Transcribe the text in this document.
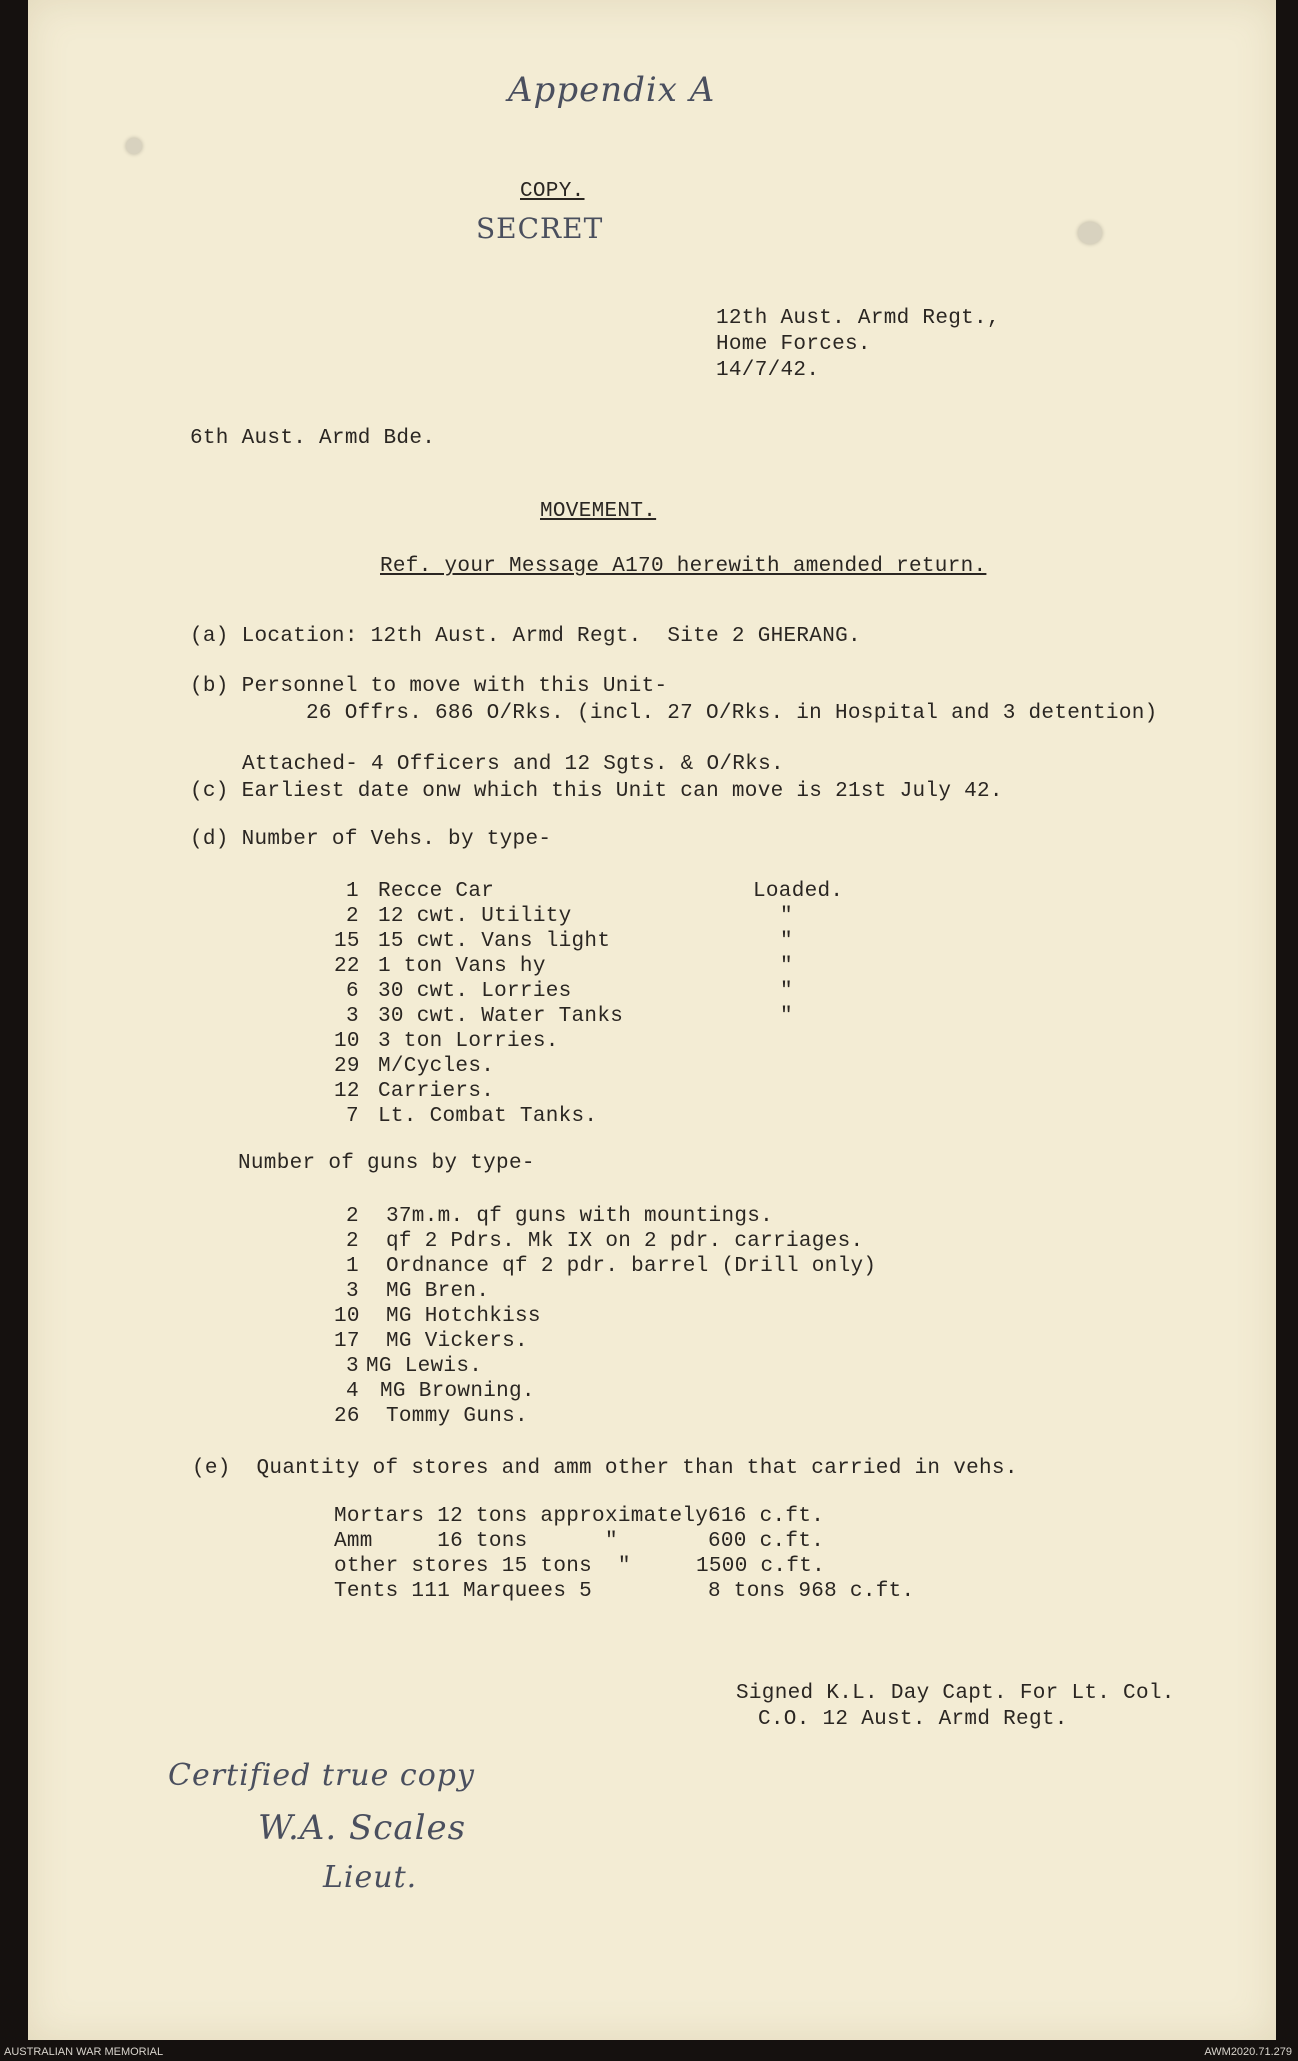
Appendix A
COPY.
SECRET
12th Aust. Armd Regt.,
Home Forces.
14/7/42.
6th Aust. Armd Bde.
MOVEMENT.
Ref. your Message A170 herewith amended return.
(a) Location: 12th Aust. Armd Regt.  Site 2 GHERANG.
(b) Personnel to move with this Unit-
26 Offrs. 686 O/Rks. (incl. 27 O/Rks. in Hospital and 3 detention)
Attached- 4 Officers and 12 Sgts. & O/Rks.
(c) Earliest date onw which this Unit can move is 21st July 42.
(d) Number of Vehs. by type-
1 Recce Car	Loaded.
2 12 cwt. Utility	"
15 15 cwt. Vans light	"
22 1 ton Vans hy	"
6 30 cwt. Lorries	"
3 30 cwt. Water Tanks	"
10 3 ton Lorries.
29 M/Cycles.
12 Carriers.
7 Lt. Combat Tanks.
Number of guns by type-
2 37m.m. qf guns with mountings.
2 qf 2 Pdrs. Mk IX on 2 pdr. carriages.
1 Ordnance qf 2 pdr. barrel (Drill only)
3 MG Bren.
10 MG Hotchkiss
17 MG Vickers.
3 MG Lewis.
4 MG Browning.
26 Tommy Guns.
(e)  Quantity of stores and amm other than that carried in vehs.
Mortars 12 tons approximately 616 c.ft.
Amm     16 tons      "	600 c.ft.
other stores 15 tons  "	1500 c.ft.
Tents 111 Marquees 5	8 tons 968 c.ft.
Signed K.L. Day Capt. For Lt. Col.
C.O. 12 Aust. Armd Regt.
Certified true copy
W.A. Scales
Lieut.
AUSTRALIAN WAR MEMORIAL	AWM2020.71.279
